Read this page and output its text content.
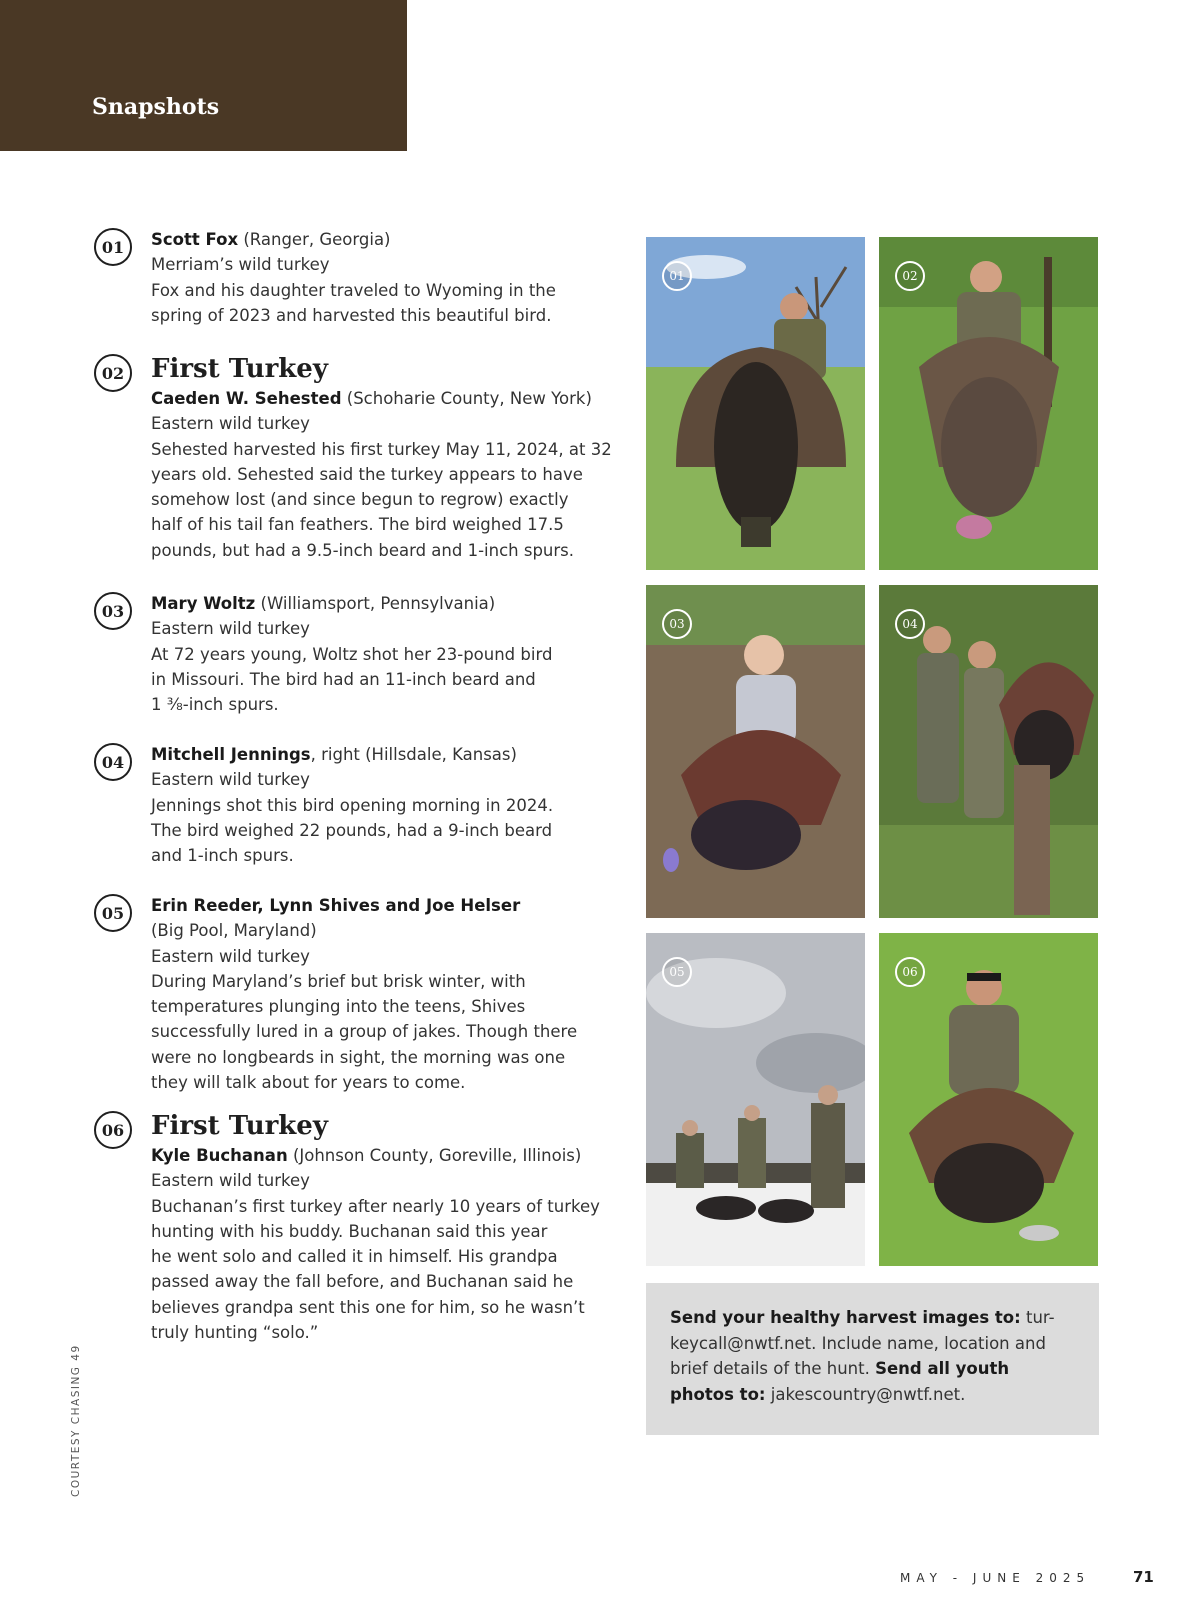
Snapshots
01	Scott Fox (Ranger, Georgia)

Merriam’s wild turkey

Fox and his daughter traveled to Wyoming in the

spring of 2023 and harvested this beautiful bird.

02	First Turkey

Caeden W. Sehested (Schoharie County, New York)

Eastern wild turkey

Sehested harvested his first turkey May 11, 2024, at 32

years old. Sehested said the turkey appears to have

somehow lost (and since begun to regrow) exactly

half of his tail fan feathers. The bird weighed 17.5

pounds, but had a 9.5-inch beard and 1-inch spurs.

03	Mary Woltz (Williamsport, Pennsylvania)

Eastern wild turkey

At 72 years young, Woltz shot her 23-pound bird

in Missouri. The bird had an 11-inch beard and

1 ⅜-inch spurs.

04	Mitchell Jennings, right (Hillsdale, Kansas)

Eastern wild turkey

Jennings shot this bird opening morning in 2024.

The bird weighed 22 pounds, had a 9-inch beard

and 1-inch spurs.

05	Erin Reeder, Lynn Shives and Joe Helser

(Big Pool, Maryland)

Eastern wild turkey

During Maryland’s brief but brisk winter, with

temperatures plunging into the teens, Shives

successfully lured in a group of jakes. Though there

were no longbeards in sight, the morning was one

they will talk about for years to come.

06	First Turkey

Kyle Buchanan (Johnson County, Goreville, Illinois)

Eastern wild turkey

Buchanan’s first turkey after nearly 10 years of turkey

hunting with his buddy. Buchanan said this year

he went solo and called it in himself. His grandpa

passed away the fall before, and Buchanan said he

believes grandpa sent this one for him, so he wasn’t

truly hunting “solo.”

01	02
03	04
05	06

Send your healthy harvest images to: tur-keycall@nwtf.net. Include name, location and brief details of the hunt. Send all youth photos to: jakescountry@nwtf.net.

COURTESY CHASING 49
MAY - JUNE 2025	71
